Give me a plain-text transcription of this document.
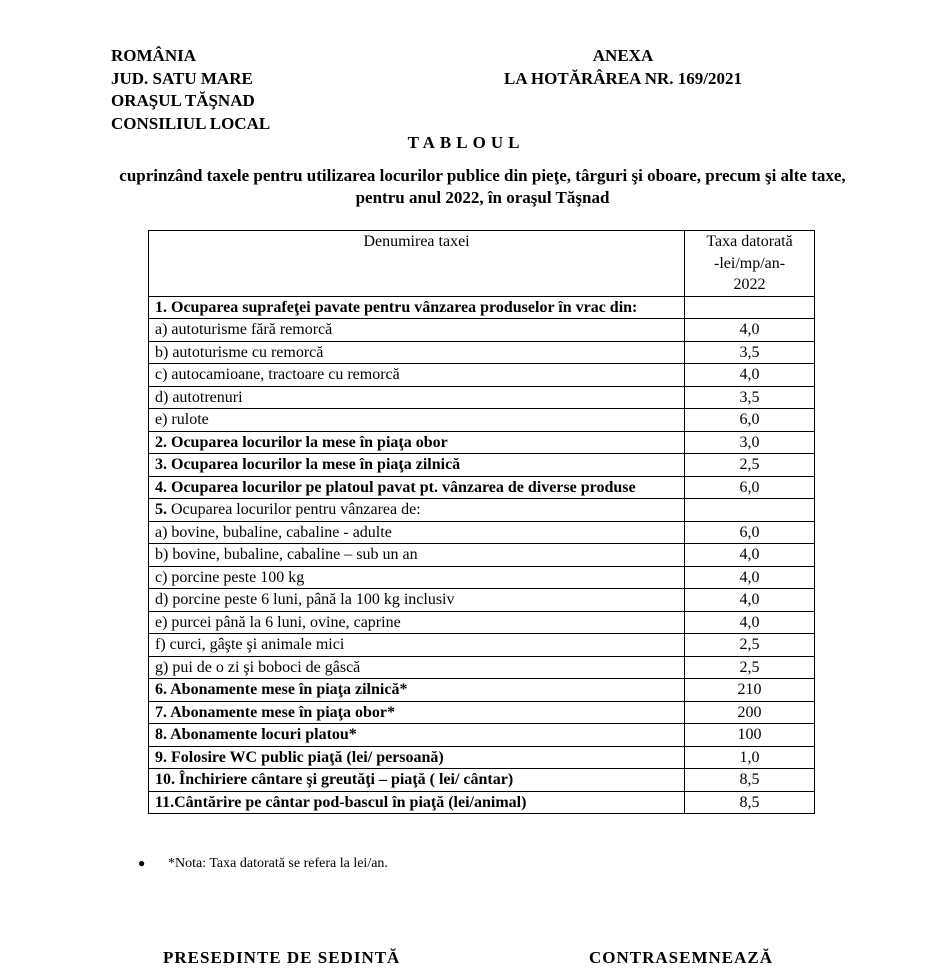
ROMÂNIA
JUD. SATU MARE
ORAŞUL TĂŞNAD
CONSILIUL LOCAL
ANEXA
LA HOTĂRÂREA NR. 169/2021
TABLOUL
cuprinzând taxele pentru utilizarea locurilor publice din pieţe, târguri şi oboare, precum şi alte taxe, pentru anul 2022, în oraşul Tăşnad
Denumirea taxei	Taxa datorată
-lei/mp/an-
2022

1. Ocuparea suprafeţei pavate pentru vânzarea produselor în vrac din:	
a) autoturisme fără remorcă	4,0
b) autoturisme cu remorcă	3,5
c) autocamioane, tractoare cu remorcă	4,0
d) autotrenuri	3,5
e) rulote	6,0
2. Ocuparea locurilor la mese în piaţa obor	3,0
3. Ocuparea locurilor la mese în piaţa zilnică	2,5
4. Ocuparea locurilor pe platoul pavat pt. vânzarea de diverse produse	6,0
5. Ocuparea locurilor pentru vânzarea de:	
a) bovine, bubaline, cabaline - adulte	6,0
b) bovine, bubaline, cabaline – sub un an	4,0
c) porcine peste 100 kg	4,0
d) porcine peste 6 luni, până la 100 kg inclusiv	4,0
e) purcei până la 6 luni, ovine, caprine	4,0
f) curci, gâşte şi animale mici	2,5
g) pui de o zi şi boboci de gâscă	2,5
6. Abonamente mese în piaţa zilnică*	210
7. Abonamente mese în piaţa obor*	200
8. Abonamente locuri platou*	100
9. Folosire WC public piaţă (lei/ persoană)	1,0
10. Închiriere cântare şi greutăţi – piaţă ( lei/ cântar)	8,5
11.Cântărire pe cântar pod-bascul în piaţă (lei/animal)	8,5
● *Nota: Taxa datorată se refera la lei/an.
PRESEDINTE DE SEDINTĂ	CONTRASEMNEAZĂ
